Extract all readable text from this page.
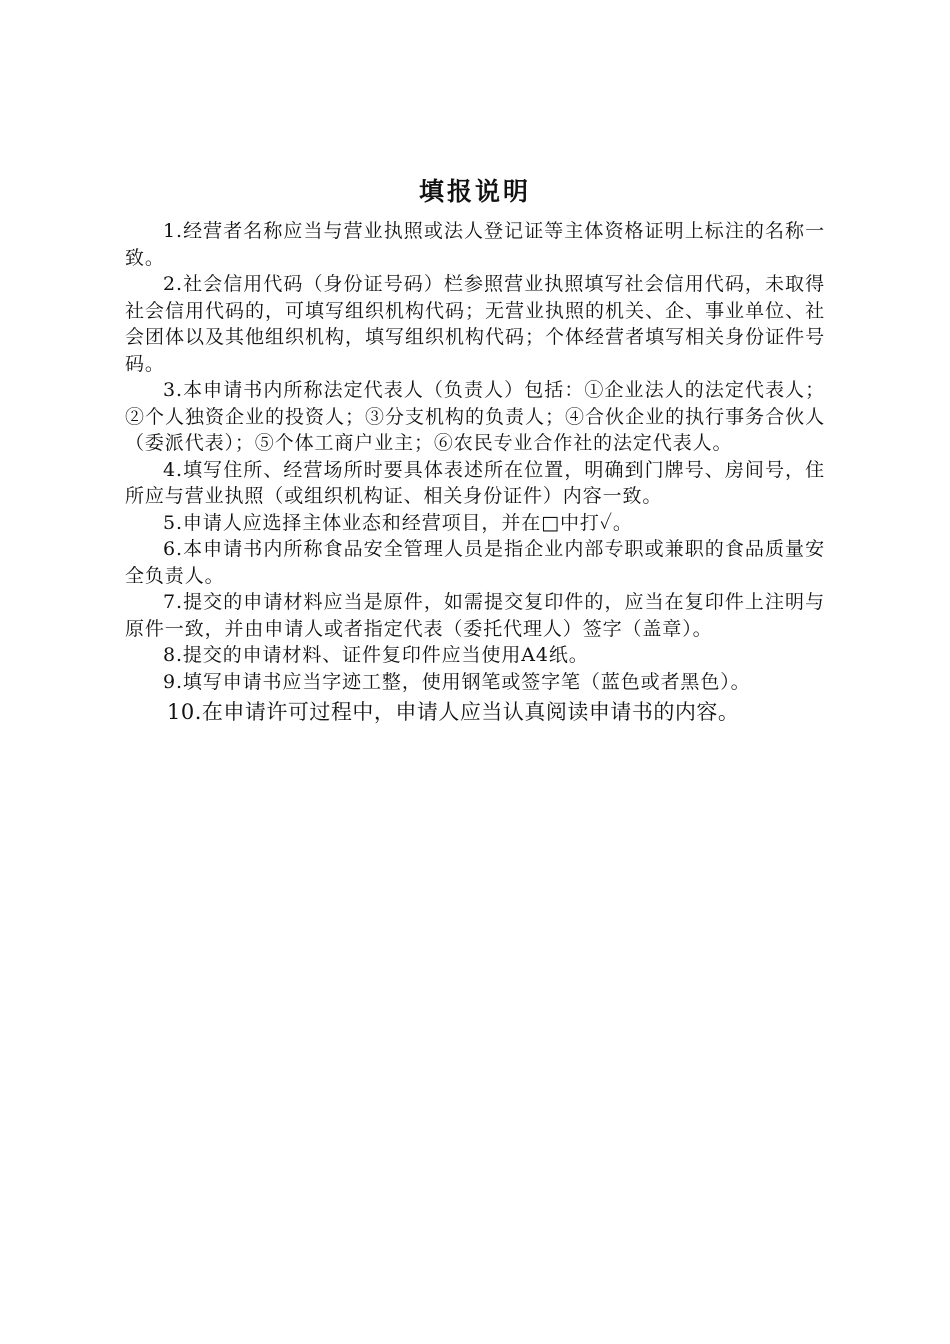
填报说明

1.经营者名称应当与营业执照或法人登记证等主体资格证明上标注的名称一致。

2.社会信用代码（身份证号码）栏参照营业执照填写社会信用代码，未取得社会信用代码的，可填写组织机构代码；无营业执照的机关、企、事业单位、社会团体以及其他组织机构，填写组织机构代码；个体经营者填写相关身份证件号码。

3.本申请书内所称法定代表人（负责人）包括：①企业法人的法定代表人；②个人独资企业的投资人；③分支机构的负责人；④合伙企业的执行事务合伙人（委派代表）；⑤个体工商户业主；⑥农民专业合作社的法定代表人。

4.填写住所、经营场所时要具体表述所在位置，明确到门牌号、房间号，住所应与营业执照（或组织机构证、相关身份证件）内容一致。

5.申请人应选择主体业态和经营项目，并在□中打✓。

6.本申请书内所称食品安全管理人员是指企业内部专职或兼职的食品质量安全负责人。

7.提交的申请材料应当是原件，如需提交复印件的，应当在复印件上注明与原件一致，并由申请人或者指定代表（委托代理人）签字（盖章）。

8.提交的申请材料、证件复印件应当使用A4纸。

9.填写申请书应当字迹工整，使用钢笔或签字笔（蓝色或者黑色）。

10.在申请许可过程中，申请人应当认真阅读申请书的内容。
